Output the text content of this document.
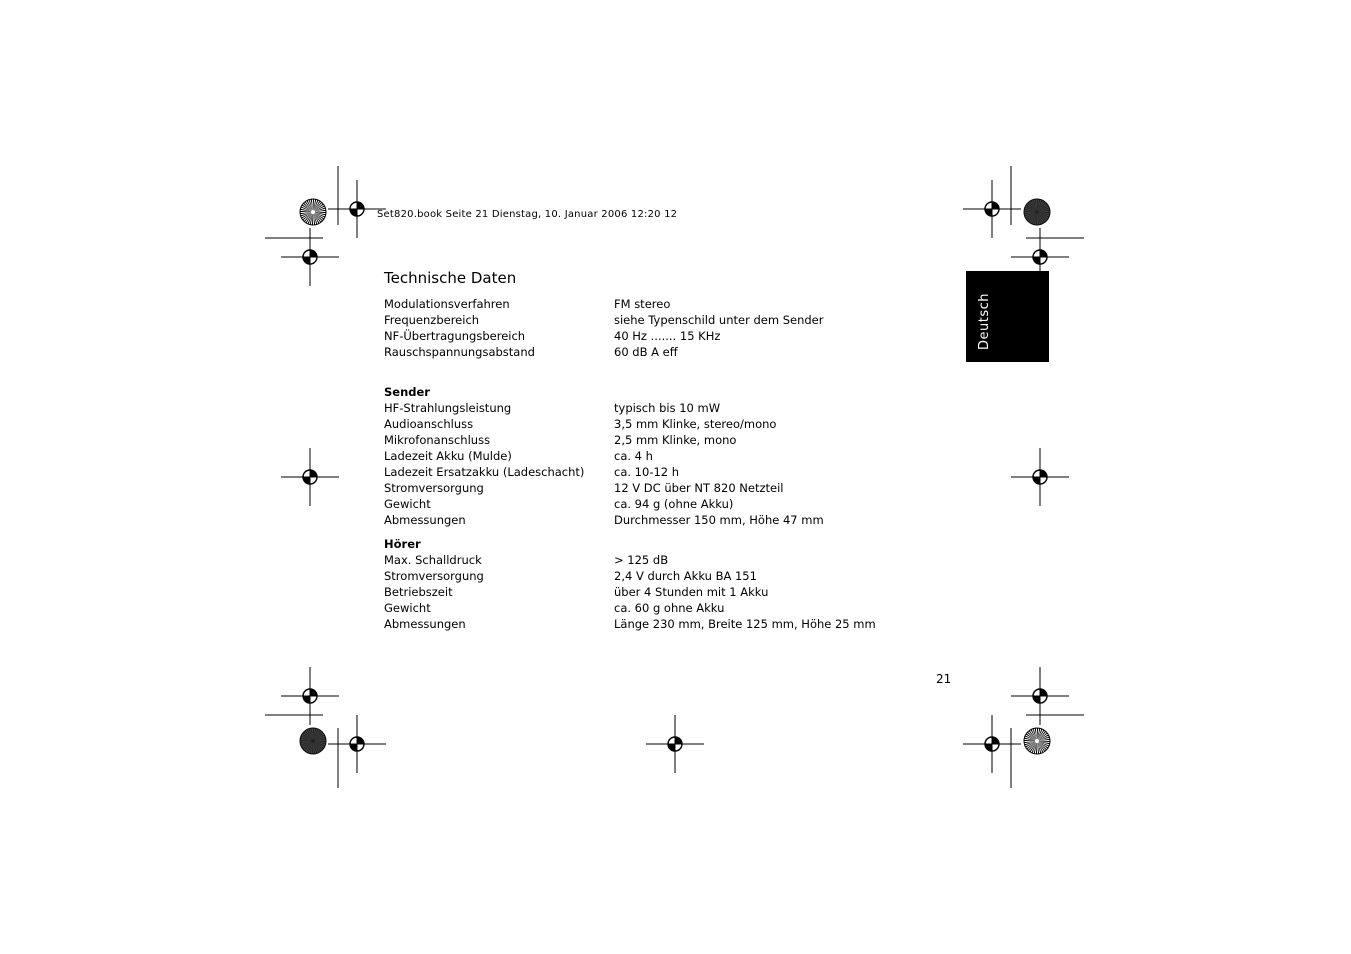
Set820.book Seite 21 Dienstag, 10. Januar 2006 12:20 12
Technische Daten
Modulationsverfahren	FM stereo
Frequenzbereich	siehe Typenschild unter dem Sender
NF-Übertragungsbereich	40 Hz ....... 15 KHz
Rauschspannungsabstand	60 dB A eff
Sender
HF-Strahlungsleistung	typisch bis 10 mW
Audioanschluss	3,5 mm Klinke, stereo/mono
Mikrofonanschluss	2,5 mm Klinke, mono
Ladezeit Akku (Mulde)	ca. 4 h
Ladezeit Ersatzakku (Ladeschacht)	ca. 10-12 h
Stromversorgung	12 V DC über NT 820 Netzteil
Gewicht	ca. 94 g (ohne Akku)
Abmessungen	Durchmesser 150 mm, Höhe 47 mm
Hörer
Max. Schalldruck	> 125 dB
Stromversorgung	2,4 V durch Akku BA 151
Betriebszeit	über 4 Stunden mit 1 Akku
Gewicht	ca. 60 g ohne Akku
Abmessungen	Länge 230 mm, Breite 125 mm, Höhe 25 mm
Deutsch
21
